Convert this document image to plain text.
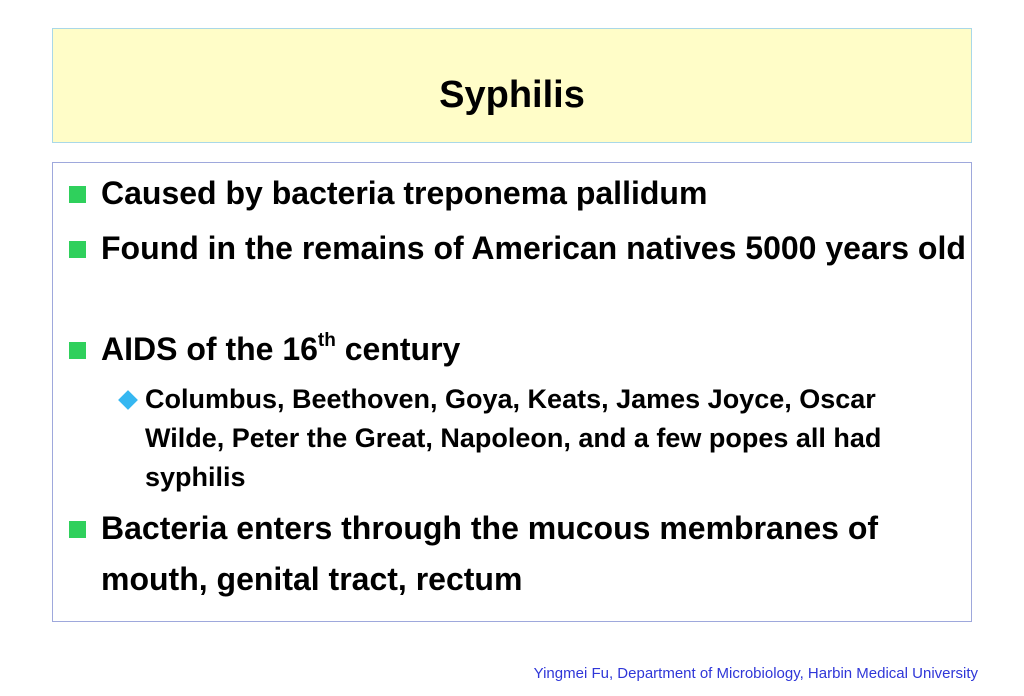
Syphilis
Caused by bacteria treponema pallidum
Found in the remains of American natives 5000 years old
AIDS of the 16th century
Columbus, Beethoven, Goya, Keats, James Joyce, Oscar Wilde, Peter the Great, Napoleon, and a few popes all had syphilis
Bacteria enters through the mucous membranes of mouth, genital tract, rectum
Yingmei Fu, Department of Microbiology, Harbin Medical University
